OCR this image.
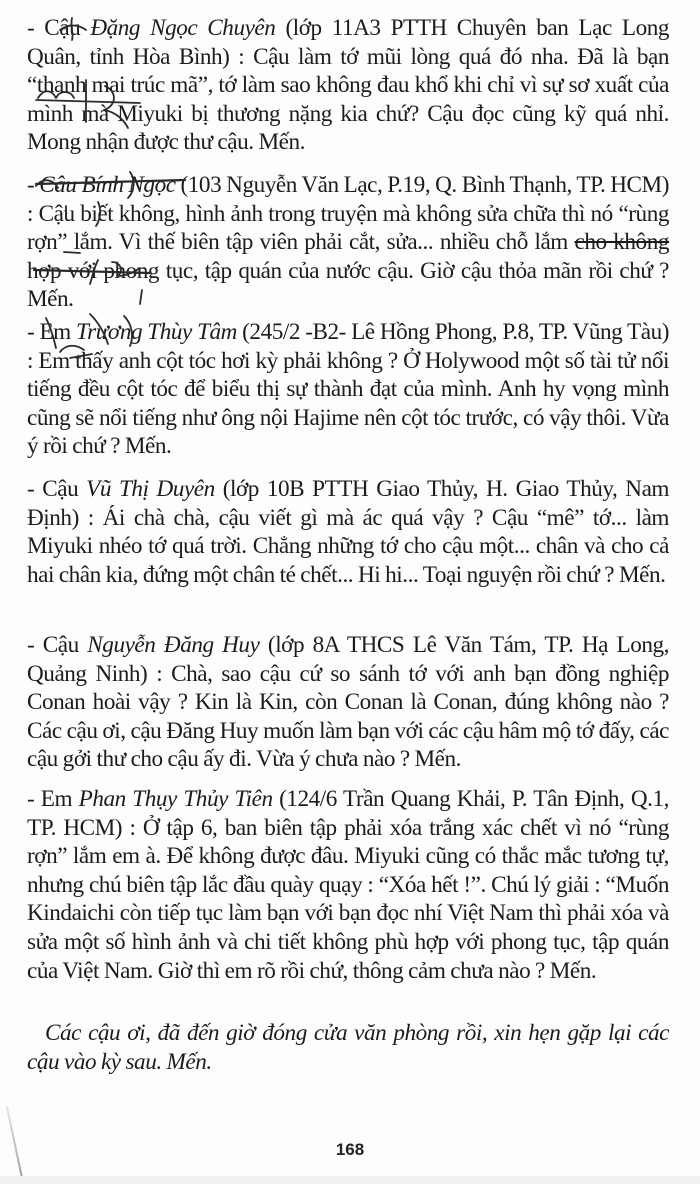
- Cậu Đặng Ngọc Chuyên (lớp 11A3 PTTH Chuyên ban Lạc Long Quân, tỉnh Hòa Bình) : Cậu làm tớ mũi lòng quá đó nha. Đã là bạn “thanh mai trúc mã”, tớ làm sao không đau khổ khi chỉ vì sự sơ xuất của mình mà Miyuki bị thương nặng kia chứ? Cậu đọc cũng kỹ quá nhỉ. Mong nhận được thư cậu. Mến.

- Câu Bính Ngọc (103 Nguyễn Văn Lạc, P.19, Q. Bình Thạnh, TP. HCM) : Cậu biết không, hình ảnh trong truyện mà không sửa chữa thì nó “rùng rợn” lắm. Vì thế biên tập viên phải cắt, sửa... nhiều chỗ lắm cho không hợp với phong tục, tập quán của nước cậu. Giờ cậu thỏa mãn rồi chứ ? Mến.

- Em Trương Thùy Tâm (245/2 -B2- Lê Hồng Phong, P.8, TP. Vũng Tàu) : Em thấy anh cột tóc hơi kỳ phải không ? Ở Holywood một số tài tử nổi tiếng đều cột tóc để biểu thị sự thành đạt của mình. Anh hy vọng mình cũng sẽ nổi tiếng như ông nội Hajime nên cột tóc trước, có vậy thôi. Vừa ý rồi chứ ? Mến.

- Cậu Vũ Thị Duyên (lớp 10B PTTH Giao Thủy, H. Giao Thủy, Nam Định) : Ái chà chà, cậu viết gì mà ác quá vậy ? Cậu “mê” tớ... làm Miyuki nhéo tớ quá trời. Chẳng những tớ cho cậu một... chân và cho cả hai chân kia, đứng một chân té chết... Hi hi... Toại nguyện rồi chứ ? Mến.

- Cậu Nguyễn Đăng Huy (lớp 8A THCS Lê Văn Tám, TP. Hạ Long, Quảng Ninh) : Chà, sao cậu cứ so sánh tớ với anh bạn đồng nghiệp Conan hoài vậy ? Kin là Kin, còn Conan là Conan, đúng không nào ? Các cậu ơi, cậu Đăng Huy muốn làm bạn với các cậu hâm mộ tớ đấy, các cậu gởi thư cho cậu ấy đi. Vừa ý chưa nào ? Mến.

- Em Phan Thụy Thủy Tiên (124/6 Trần Quang Khải, P. Tân Định, Q.1, TP. HCM) : Ở tập 6, ban biên tập phải xóa trắng xác chết vì nó “rùng rợn” lắm em à. Để không được đâu. Miyuki cũng có thắc mắc tương tự, nhưng chú biên tập lắc đầu quày quạy : “Xóa hết !”. Chú lý giải : “Muốn Kindaichi còn tiếp tục làm bạn với bạn đọc nhí Việt Nam thì phải xóa và sửa một số hình ảnh và chi tiết không phù hợp với phong tục, tập quán của Việt Nam. Giờ thì em rõ rồi chứ, thông cảm chưa nào ? Mến.

Các cậu ơi, đã đến giờ đóng cửa văn phòng rồi, xin hẹn gặp lại các cậu vào kỳ sau. Mến.

168
